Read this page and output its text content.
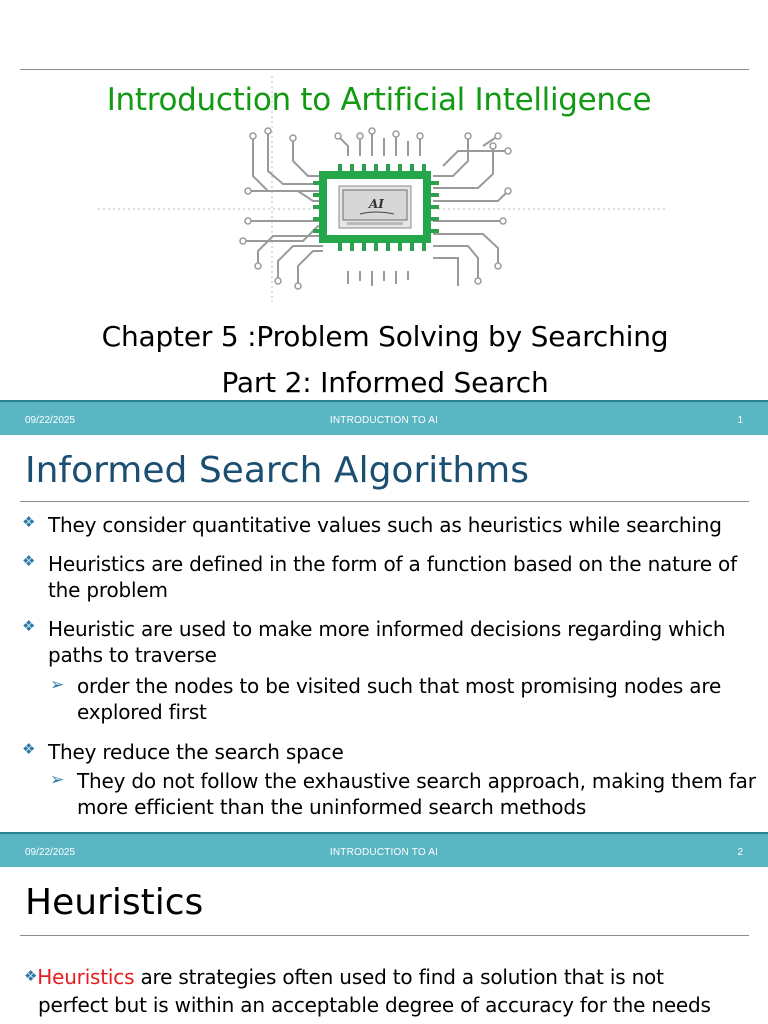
Introduction to Artificial Intelligence
AI
Chapter 5 :Problem Solving by Searching
Part 2: Informed Search
09/22/2025	INTRODUCTION TO AI	1
Informed Search Algorithms
❖ They consider quantitative values such as heuristics while searching
❖ Heuristics are defined in the form of a function based on the nature of the problem
❖ Heuristic are used to make more informed decisions regarding which paths to traverse
➢ order the nodes to be visited such that most promising nodes are explored first
❖ They reduce the search space
➢ They do not follow the exhaustive search approach, making them far more efficient than the uninformed search methods
09/22/2025	INTRODUCTION TO AI	2
Heuristics
❖Heuristics are strategies often used to find a solution that is not
perfect but is within an acceptable degree of accuracy for the needs
